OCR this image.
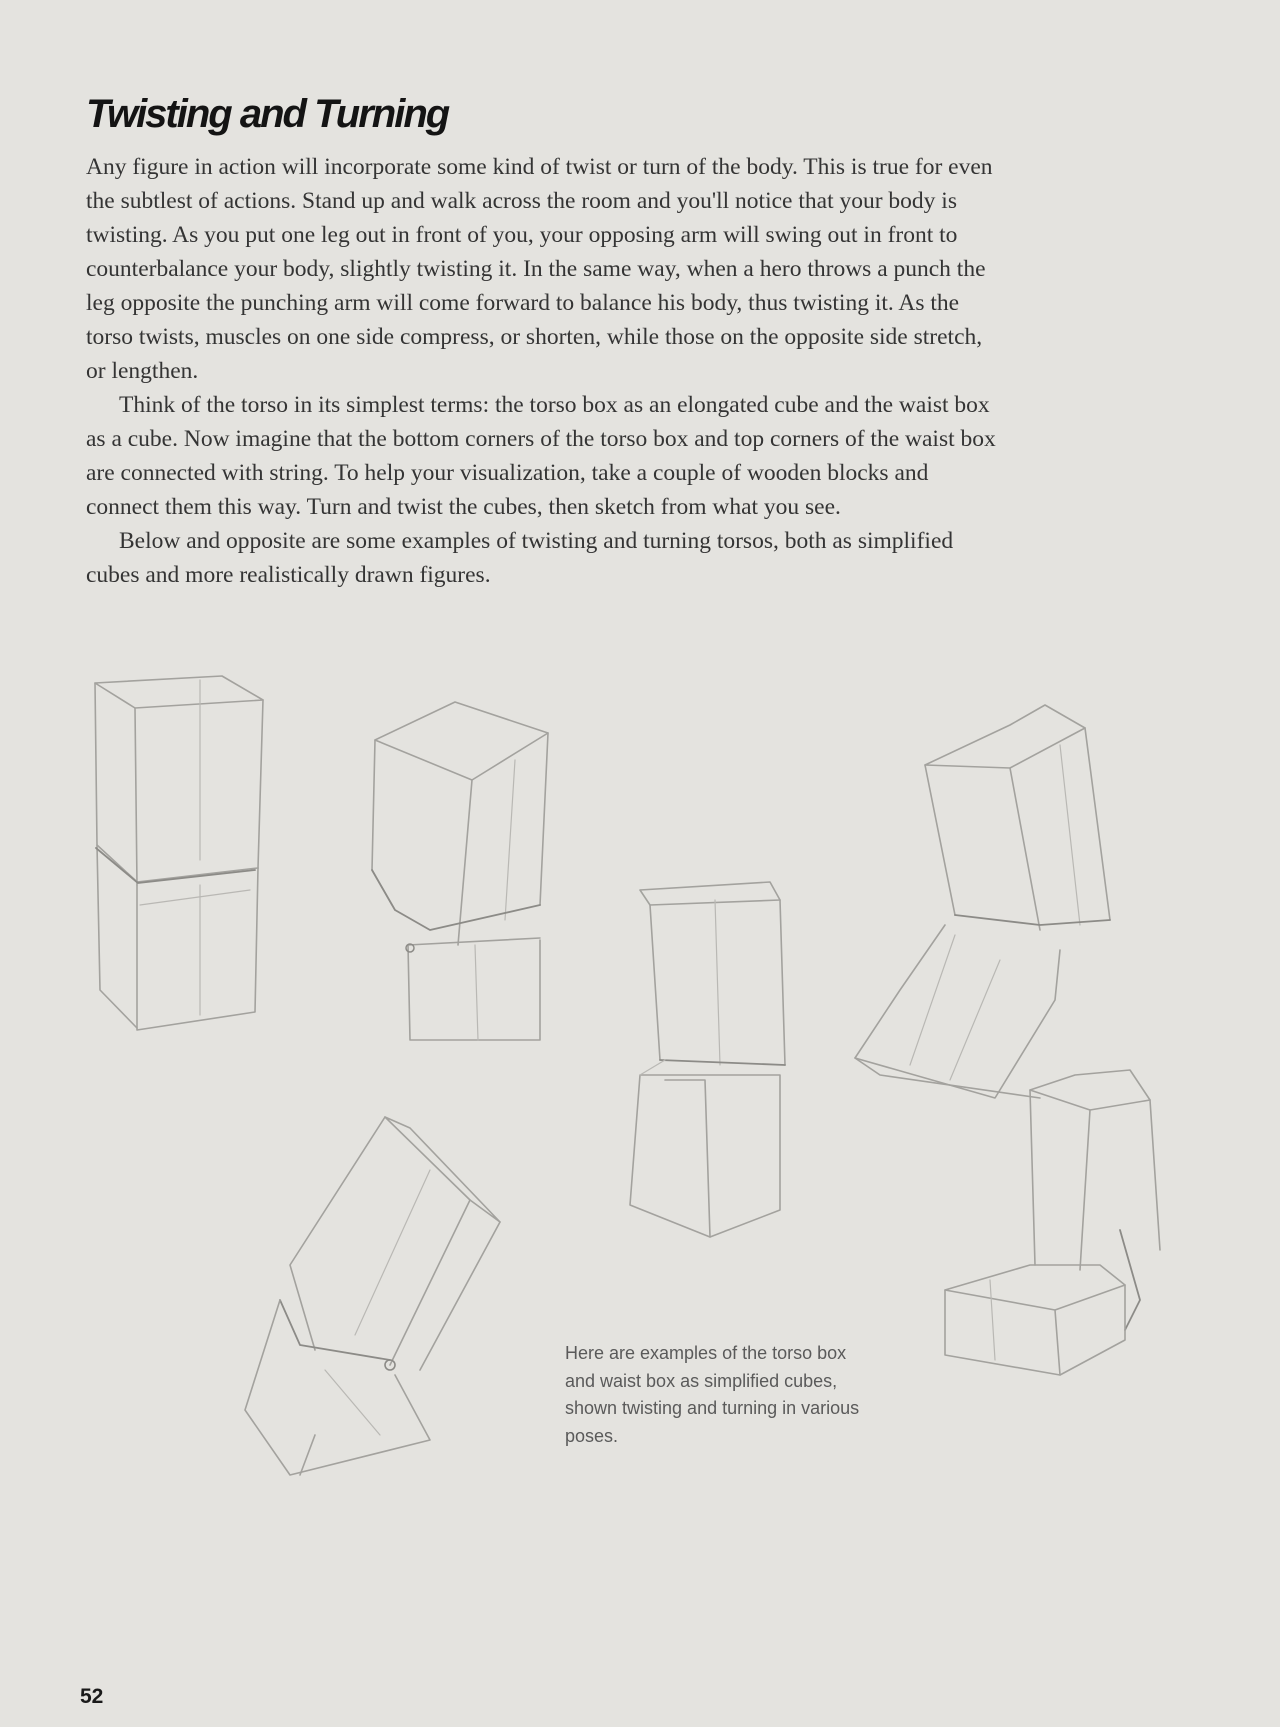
Twisting and Turning

Any figure in action will incorporate some kind of twist or turn of the body. This is true for even the subtlest of actions. Stand up and walk across the room and you'll notice that your body is twisting. As you put one leg out in front of you, your opposing arm will swing out in front to counterbalance your body, slightly twisting it. In the same way, when a hero throws a punch the leg opposite the punching arm will come forward to balance his body, thus twisting it. As the torso twists, muscles on one side compress, or shorten, while those on the opposite side stretch, or lengthen.

Think of the torso in its simplest terms: the torso box as an elongated cube and the waist box as a cube. Now imagine that the bottom corners of the torso box and top corners of the waist box are connected with string. To help your visualization, take a couple of wooden blocks and connect them this way. Turn and twist the cubes, then sketch from what you see.

Below and opposite are some examples of twisting and turning torsos, both as simplified cubes and more realistically drawn figures.

Here are examples of the torso box and waist box as simplified cubes, shown twisting and turning in various poses.
52
